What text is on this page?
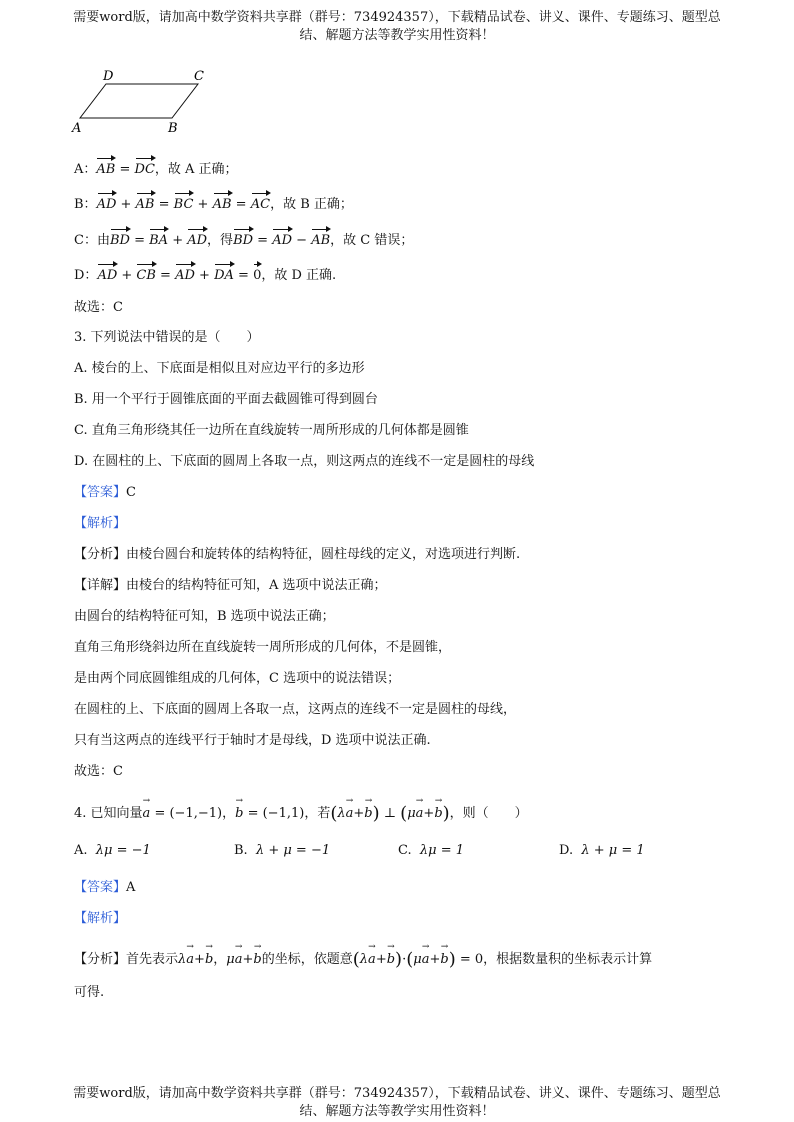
需要word版，请加高中数学资料共享群（群号：734924357），下载精品试卷、讲义、课件、专题练习、题型总
结、解题方法等教学实用性资料！
D	C
A	B
A：AB = DC，故 A 正确；
B：AD + AB = BC + AB = AC，故 B 正确；
C：由BD = BA + AD，得BD = AD − AB，故 C 错误；
D：AD + CB = AD + DA = 0，故 D 正确.
故选：C
3. 下列说法中错误的是（　　）
A. 棱台的上、下底面是相似且对应边平行的多边形
B. 用一个平行于圆锥底面的平面去截圆锥可得到圆台
C. 直角三角形绕其任一边所在直线旋转一周所形成的几何体都是圆锥
D. 在圆柱的上、下底面的圆周上各取一点，则这两点的连线不一定是圆柱的母线
【答案】C
【解析】
【分析】由棱台圆台和旋转体的结构特征，圆柱母线的定义，对选项进行判断.
【详解】由棱台的结构特征可知，A 选项中说法正确；
由圆台的结构特征可知，B 选项中说法正确；
直角三角形绕斜边所在直线旋转一周所形成的几何体，不是圆锥，
是由两个同底圆锥组成的几何体，C 选项中的说法错误；
在圆柱的上、下底面的圆周上各取一点，这两点的连线不一定是圆柱的母线，
只有当这两点的连线平行于轴时才是母线，D 选项中说法正确.
故选：C
4. 已知向量a → = (−1,−1)，b → = (−1,1)，若(λa →+b →) ⊥ (μa →+b →)，则（　　）
A. λμ = −1	B. λ + μ = −1	C. λμ = 1	D. λ + μ = 1
【答案】A
【解析】
【分析】首先表示λa →+b →，μa →+b →的坐标，依题意(λa →+b →)·(μa →+b →) = 0，根据数量积的坐标表示计算
可得.
需要word版，请加高中数学资料共享群（群号：734924357），下载精品试卷、讲义、课件、专题练习、题型总
结、解题方法等教学实用性资料！
